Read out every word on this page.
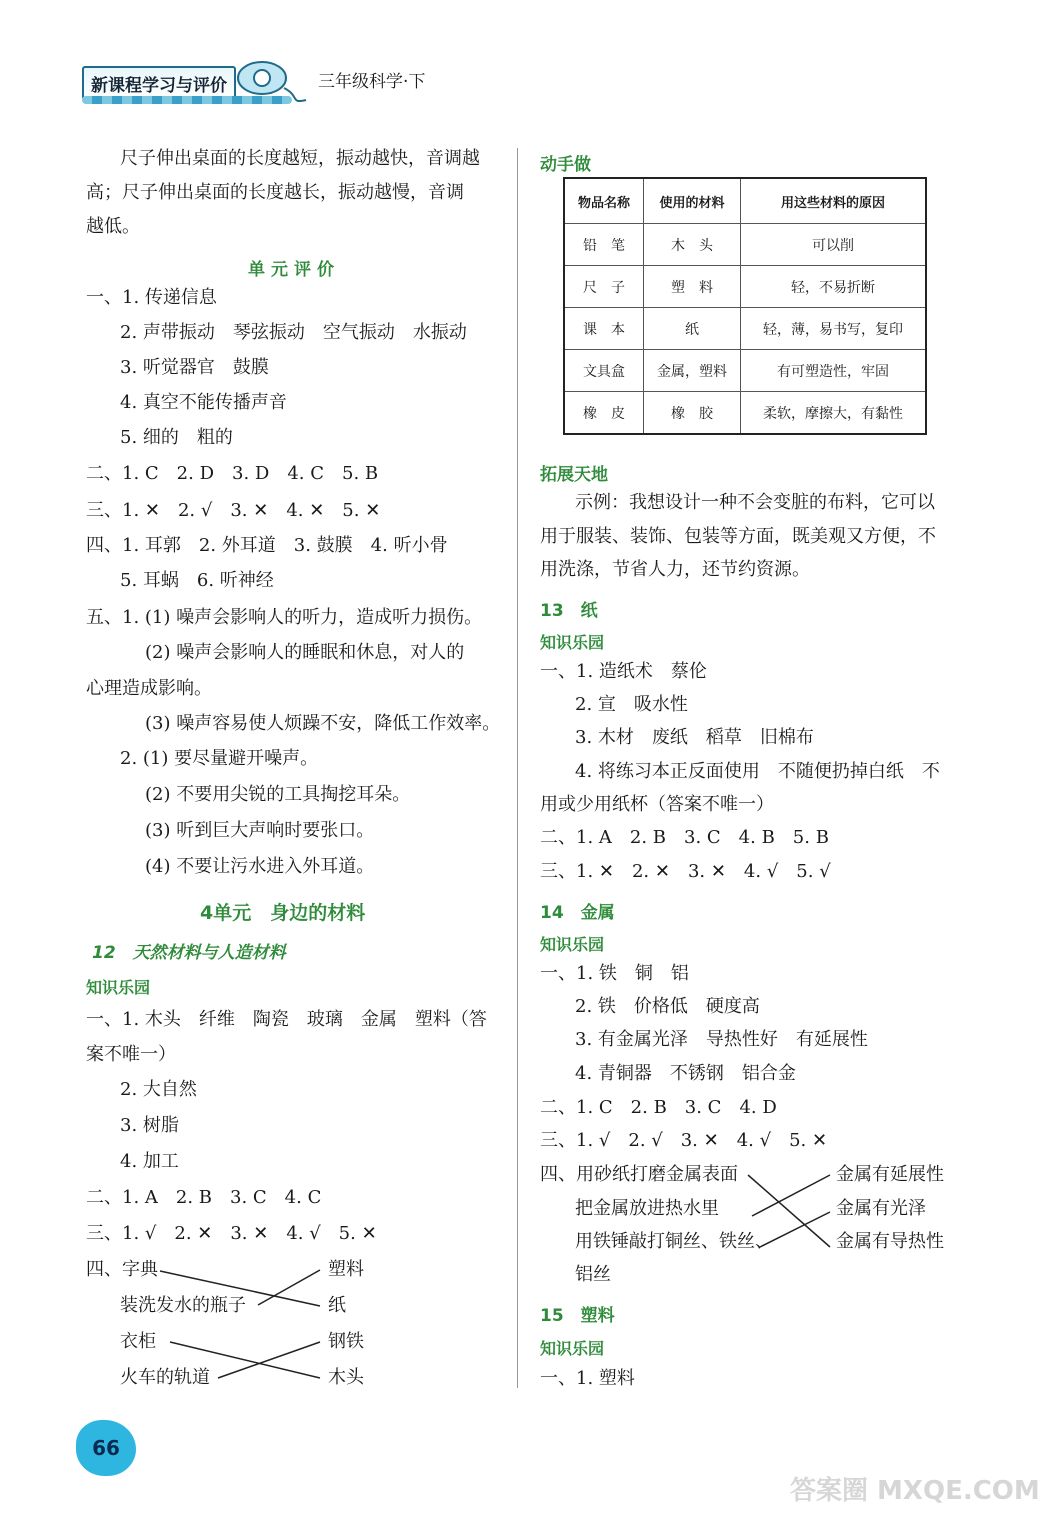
新课程学习与评价	三年级科学·下
尺子伸出桌面的长度越短，振动越快，音调越
高；尺子伸出桌面的长度越长，振动越慢，音调
越低。
单元评价
一、1. 传递信息
2. 声带振动　琴弦振动　空气振动　水振动
3. 听觉器官　鼓膜
4. 真空不能传播声音
5. 细的　粗的
二、1. C　2. D　3. D　4. C　5. B
三、1. ✕　2. √　3. ✕　4. ✕　5. ✕
四、1. 耳郭　2. 外耳道　3. 鼓膜　4. 听小骨
5. 耳蜗　6. 听神经
五、1. (1) 噪声会影响人的听力，造成听力损伤。
(2) 噪声会影响人的睡眠和休息，对人的
心理造成影响。
(3) 噪声容易使人烦躁不安，降低工作效率。
2. (1) 要尽量避开噪声。
(2) 不要用尖锐的工具掏挖耳朵。
(3) 听到巨大声响时要张口。
(4) 不要让污水进入外耳道。
4单元　身边的材料
12　天然材料与人造材料
知识乐园
一、1. 木头　纤维　陶瓷　玻璃　金属　塑料（答
案不唯一）
2. 大自然
3. 树脂
4. 加工
二、1. A　2. B　3. C　4. C
三、1. √　2. ✕　3. ✕　4. √　5. ✕
四、字典
装洗发水的瓶子
衣柜
火车的轨道
塑料
纸
钢铁
木头
动手做
物品名称	使用的材料	用这些材料的原因
铅　笔	木　头	可以削
尺　子	塑　料	轻，不易折断
课　本	纸	轻，薄，易书写，复印
文具盒	金属，塑料	有可塑造性，牢固
橡　皮	橡　胶	柔软，摩擦大，有黏性
拓展天地
示例：我想设计一种不会变脏的布料，它可以
用于服装、装饰、包装等方面，既美观又方便，不
用洗涤，节省人力，还节约资源。
13　纸
知识乐园
一、1. 造纸术　蔡伦
2. 宣　吸水性
3. 木材　废纸　稻草　旧棉布
4. 将练习本正反面使用　不随便扔掉白纸　不
用或少用纸杯（答案不唯一）
二、1. A　2. B　3. C　4. B　5. B
三、1. ✕　2. ✕　3. ✕　4. √　5. √
14　金属
知识乐园
一、1. 铁　铜　铝
2. 铁　价格低　硬度高
3. 有金属光泽　导热性好　有延展性
4. 青铜器　不锈钢　铝合金
二、1. C　2. B　3. C　4. D
三、1. √　2. √　3. ✕　4. √　5. ✕
四、用砂纸打磨金属表面
把金属放进热水里
用铁锤敲打铜丝、铁丝、
铝丝
金属有延展性
金属有光泽
金属有导热性
15　塑料
知识乐园
一、1. 塑料
66
答案圈 MXQE.COM
